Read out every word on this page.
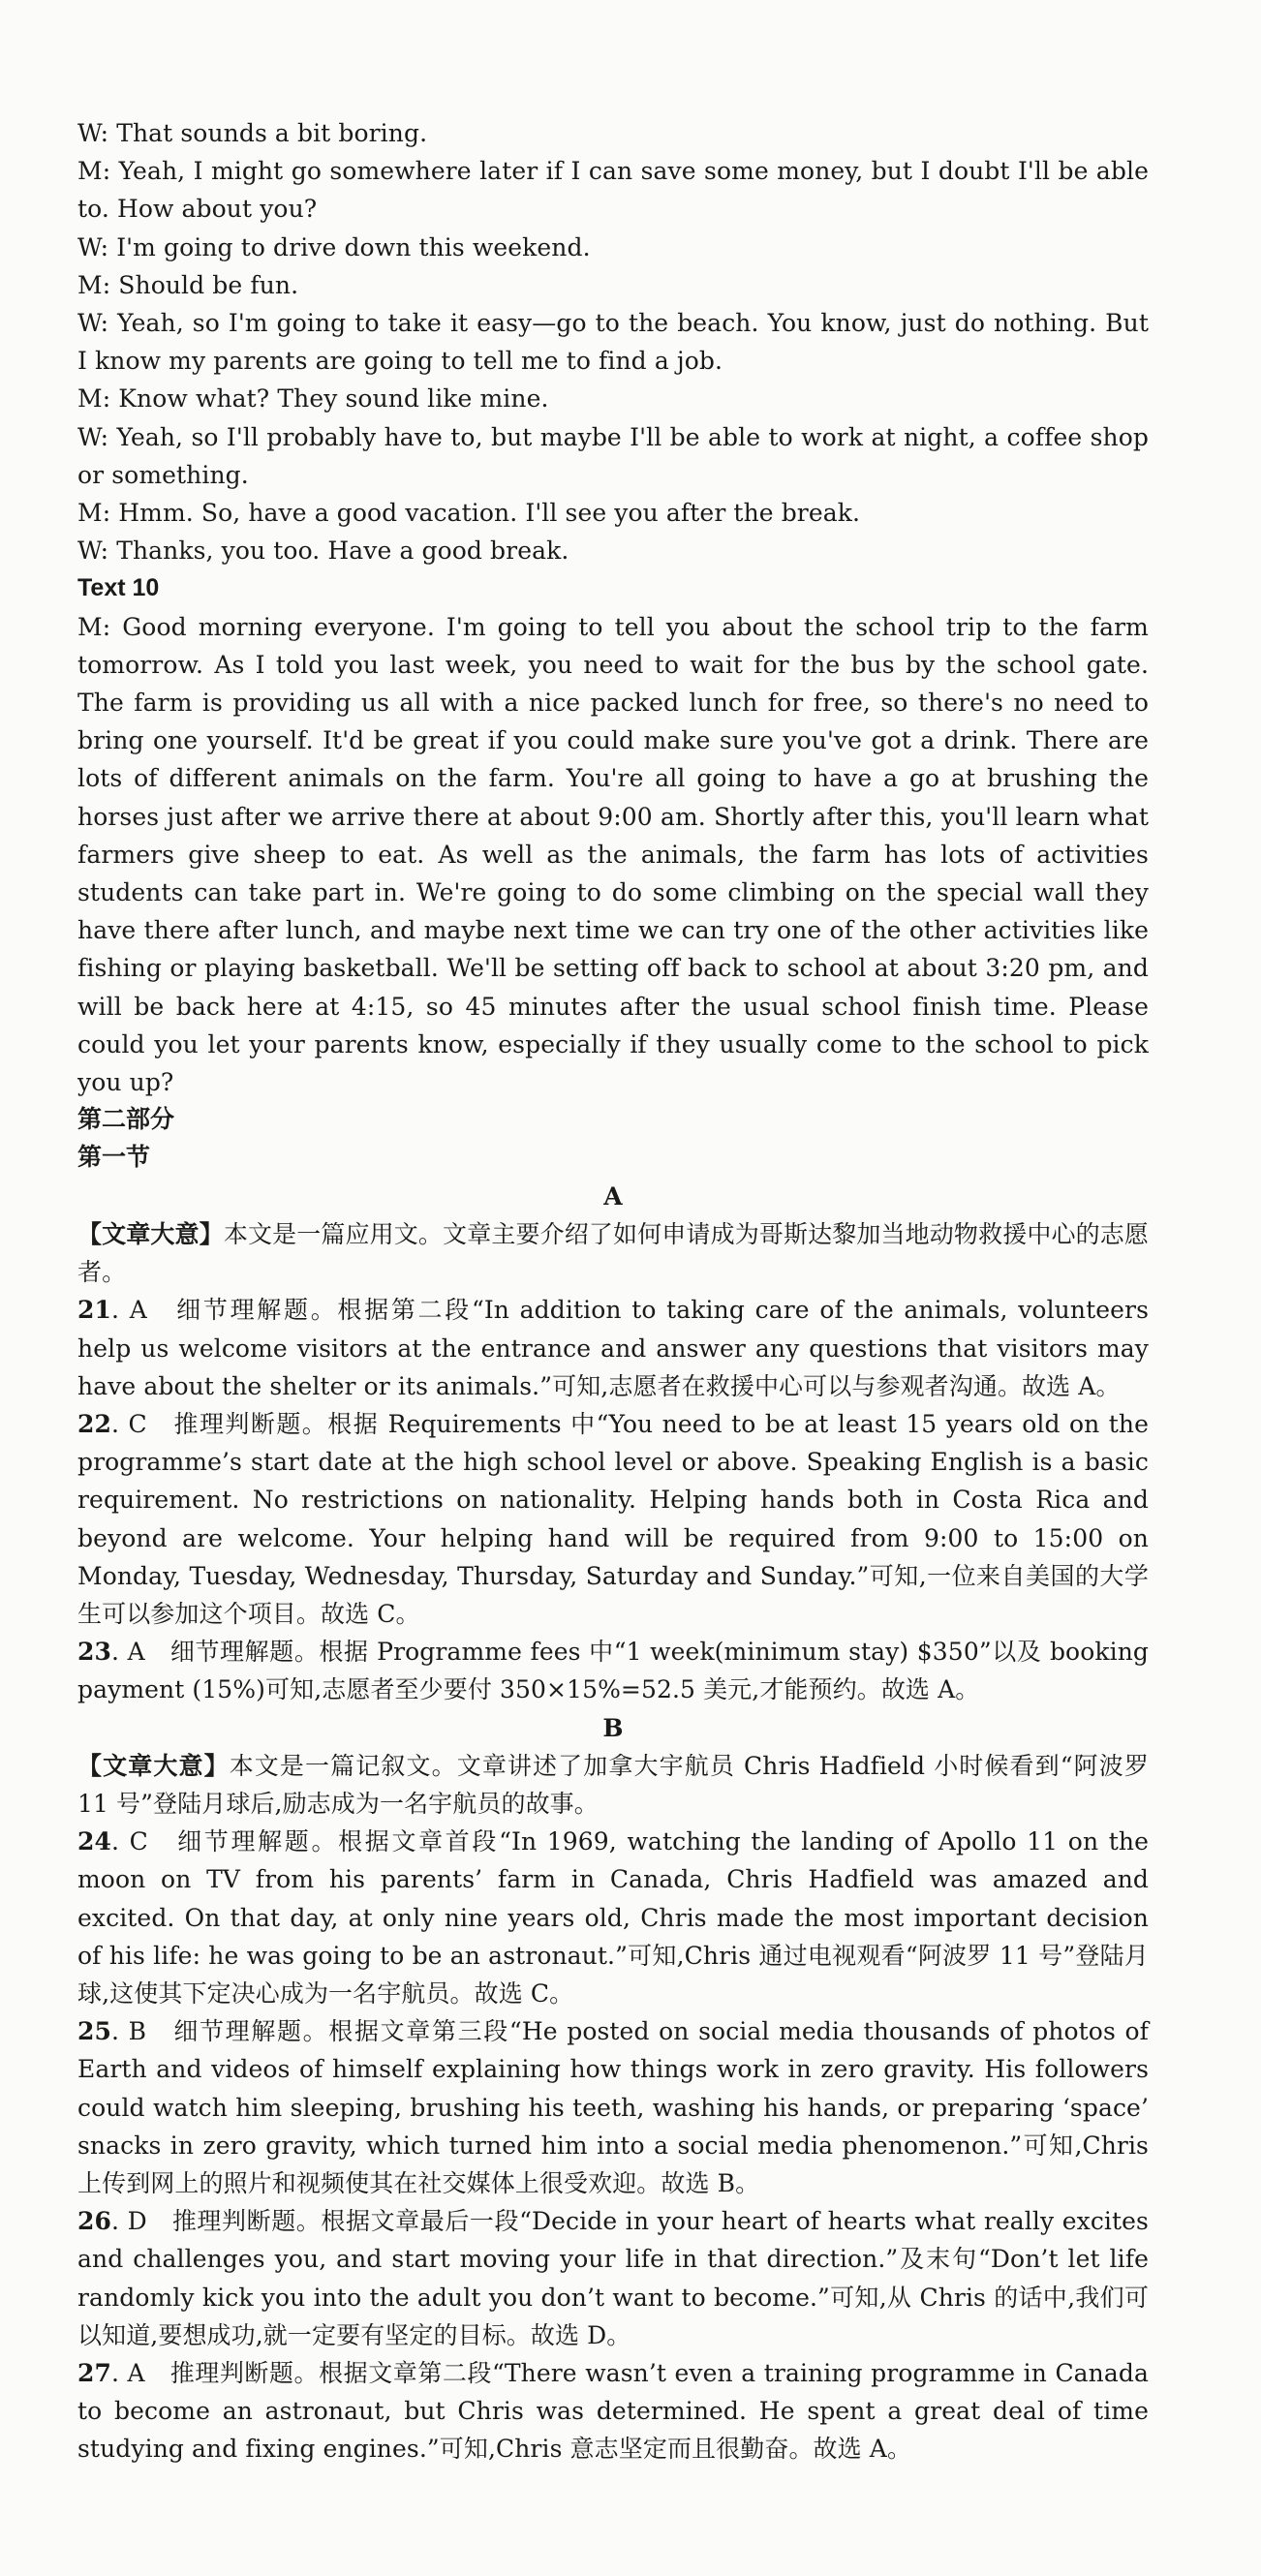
W: That sounds a bit boring.

M: Yeah, I might go somewhere later if I can save some money, but I doubt I'll be able to. How about you?

W: I'm going to drive down this weekend.

M: Should be fun.

W: Yeah, so I'm going to take it easy—go to the beach. You know, just do nothing. But I know my parents are going to tell me to find a job.

M: Know what? They sound like mine.

W: Yeah, so I'll probably have to, but maybe I'll be able to work at night, a coffee shop or something.

M: Hmm. So, have a good vacation. I'll see you after the break.

W: Thanks, you too. Have a good break.

Text 10

M: Good morning everyone. I'm going to tell you about the school trip to the farm tomorrow. As I told you last week, you need to wait for the bus by the school gate. The farm is providing us all with a nice packed lunch for free, so there's no need to bring one yourself. It'd be great if you could make sure you've got a drink. There are lots of different animals on the farm. You're all going to have a go at brushing the horses just after we arrive there at about 9:00 am. Shortly after this, you'll learn what farmers give sheep to eat. As well as the animals, the farm has lots of activities students can take part in. We're going to do some climbing on the special wall they have there after lunch, and maybe next time we can try one of the other activities like fishing or playing basketball. We'll be setting off back to school at about 3:20 pm, and will be back here at 4:15, so 45 minutes after the usual school finish time. Please could you let your parents know, especially if they usually come to the school to pick you up?

第二部分

第一节

A

【文章大意】本文是一篇应用文。文章主要介绍了如何申请成为哥斯达黎加当地动物救援中心的志愿者。

21. A　细节理解题。根据第二段“In addition to taking care of the animals, volunteers help us welcome visitors at the entrance and answer any questions that visitors may have about the shelter or its animals.”可知,志愿者在救援中心可以与参观者沟通。故选 A。

22. C　推理判断题。根据 Requirements 中“You need to be at least 15 years old on the programme’s start date at the high school level or above. Speaking English is a basic requirement. No restrictions on nationality. Helping hands both in Costa Rica and beyond are welcome. Your helping hand will be required from 9:00 to 15:00 on Monday, Tuesday, Wednesday, Thursday, Saturday and Sunday.”可知,一位来自美国的大学生可以参加这个项目。故选 C。

23. A　细节理解题。根据 Programme fees 中“1 week(minimum stay) $350”以及 booking payment (15%)可知,志愿者至少要付 350×15%=52.5 美元,才能预约。故选 A。

B

【文章大意】本文是一篇记叙文。文章讲述了加拿大宇航员 Chris Hadfield 小时候看到“阿波罗 11 号”登陆月球后,励志成为一名宇航员的故事。

24. C　细节理解题。根据文章首段“In 1969, watching the landing of Apollo 11 on the moon on TV from his parents’ farm in Canada, Chris Hadfield was amazed and excited. On that day, at only nine years old, Chris made the most important decision of his life: he was going to be an astronaut.”可知,Chris 通过电视观看“阿波罗 11 号”登陆月球,这使其下定决心成为一名宇航员。故选 C。

25. B　细节理解题。根据文章第三段“He posted on social media thousands of photos of Earth and videos of himself explaining how things work in zero gravity. His followers could watch him sleeping, brushing his teeth, washing his hands, or preparing ‘space’ snacks in zero gravity, which turned him into a social media phenomenon.”可知,Chris 上传到网上的照片和视频使其在社交媒体上很受欢迎。故选 B。

26. D　推理判断题。根据文章最后一段“Decide in your heart of hearts what really excites and challenges you, and start moving your life in that direction.”及末句“Don’t let life randomly kick you into the adult you don’t want to become.”可知,从 Chris 的话中,我们可以知道,要想成功,就一定要有坚定的目标。故选 D。

27. A　推理判断题。根据文章第二段“There wasn’t even a training programme in Canada to become an astronaut, but Chris was determined. He spent a great deal of time studying and fixing engines.”可知,Chris 意志坚定而且很勤奋。故选 A。
